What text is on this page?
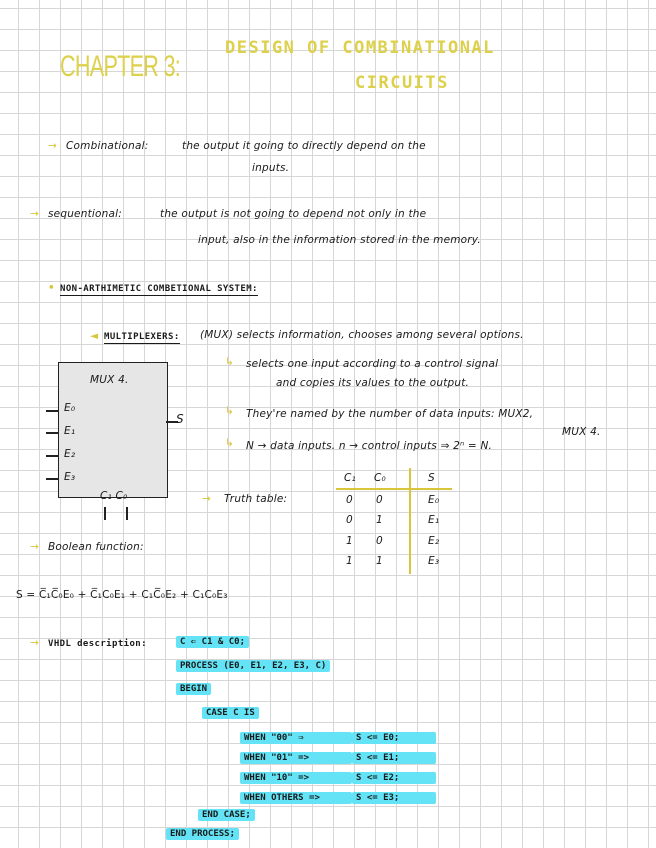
CHAPTER 3:
DESIGN OF COMBINATIONAL
CIRCUITS
→ Combinational:	the output it going to directly depend on the
inputs.
→ sequentional:	the output is not going to depend not only in the
input, also in the information stored in the memory.
• NON-ARTHIMETIC COMBETIONAL SYSTEM:
◄ MULTIPLEXERS: (MUX) selects information, chooses among several options.
MUX 4.
E₀
E₁
E₂
E₃
S
C₁ C₀
↳ selects one input according to a control signal
and copies its values to the output.
↳ They're named by the number of data inputs: MUX2,
MUX 4.
↳ N → data inputs. n → control inputs ⇒ 2ⁿ = N.
→ Truth table:
C₁ C₀	S
0 0	E₀
0 1	E₁
1 0	E₂
1 1	E₃
→ Boolean function:
S = C̅₁C̅₀E₀ + C̅₁C₀E₁ + C₁C̅₀E₂ + C₁C₀E₃
→ VHDL description:	C ⇐ C1 & C0;
PROCESS (E0, E1, E2, E3, C)
BEGIN
CASE C IS
WHEN "00" ⇒	S <= E0;
WHEN "01" =>	S <= E1;
WHEN "10" =>	S <= E2;
WHEN OTHERS =>	S <= E3;
END CASE;
END PROCESS;
